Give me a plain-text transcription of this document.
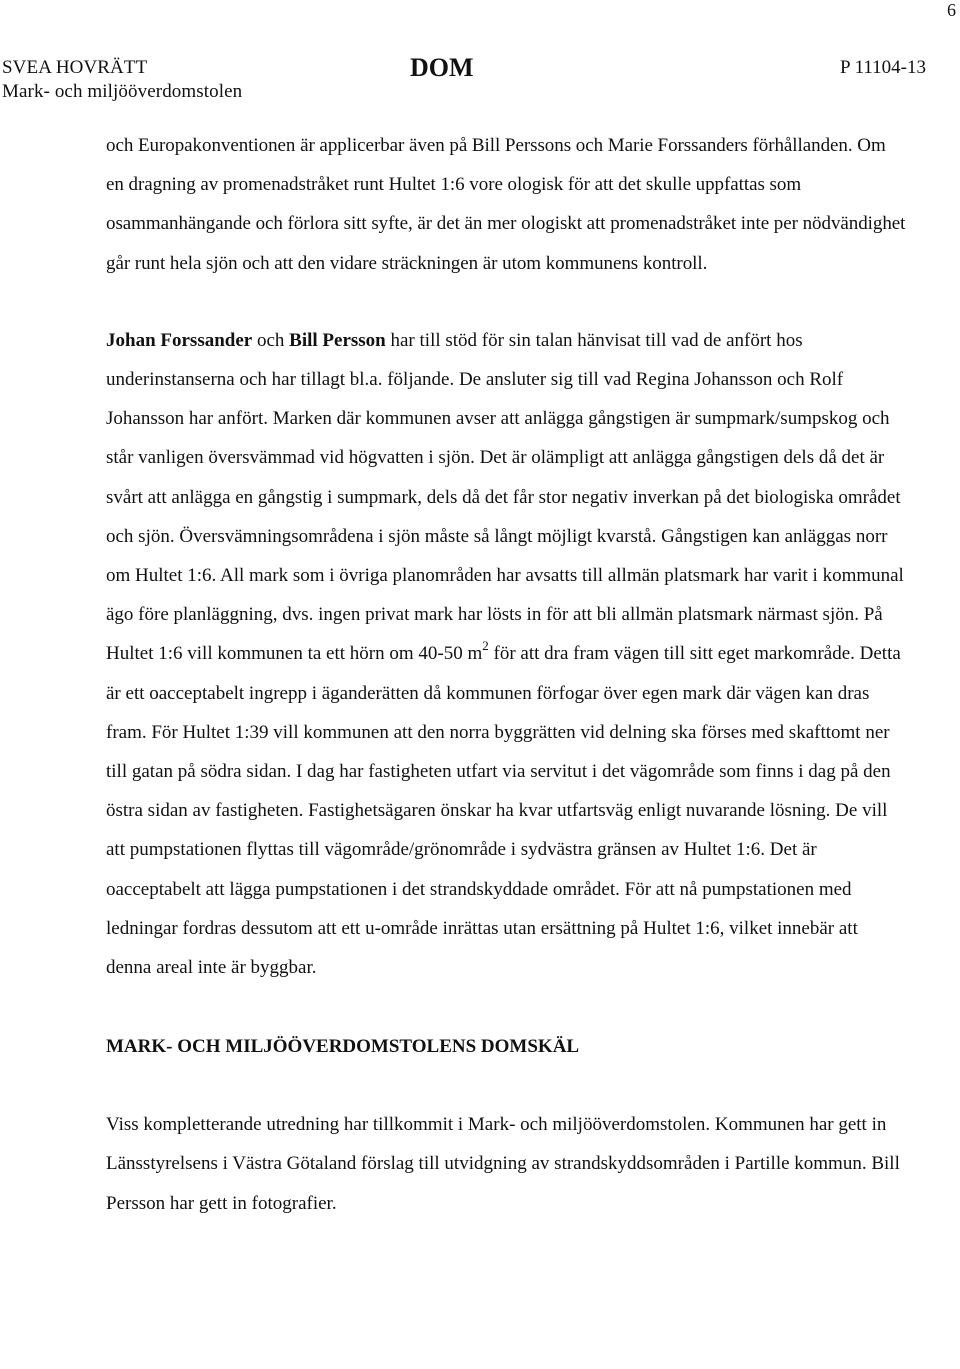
6
SVEA HOVRÄTT
Mark- och miljööverdomstolen
DOM	P 11104-13

och Europakonventionen är applicerbar även på Bill Perssons och Marie Forssanders förhållanden. Om en dragning av promenadstråket runt Hultet 1:6 vore ologisk för att det skulle uppfattas som osammanhängande och förlora sitt syfte, är det än mer ologiskt att promenadstråket inte per nödvändighet går runt hela sjön och att den vidare sträckningen är utom kommunens kontroll.

Johan Forssander och Bill Persson har till stöd för sin talan hänvisat till vad de anfört hos underinstanserna och har tillagt bl.a. följande. De ansluter sig till vad Regina Johansson och Rolf Johansson har anfört. Marken där kommunen avser att anlägga gångstigen är sumpmark/sumpskog och står vanligen översvämmad vid högvatten i sjön. Det är olämpligt att anlägga gångstigen dels då det är svårt att anlägga en gångstig i sumpmark, dels då det får stor negativ inverkan på det biologiska området och sjön. Översvämningsområdena i sjön måste så långt möjligt kvarstå. Gångstigen kan anläggas norr om Hultet 1:6. All mark som i övriga planområden har avsatts till allmän platsmark har varit i kommunal ägo före planläggning, dvs. ingen privat mark har lösts in för att bli allmän platsmark närmast sjön. På Hultet 1:6 vill kommunen ta ett hörn om 40-50 $m^2$ för att dra fram vägen till sitt eget markområde. Detta är ett oacceptabelt ingrepp i äganderätten då kommunen förfogar över egen mark där vägen kan dras fram. För Hultet 1:39 vill kommunen att den norra byggrätten vid delning ska förses med skafttomt ner till gatan på södra sidan. I dag har fastigheten utfart via servitut i det vägområde som finns i dag på den östra sidan av fastigheten. Fastighetsägaren önskar ha kvar utfartsväg enligt nuvarande lösning. De vill att pumpstationen flyttas till vägområde/grönområde i sydvästra gränsen av Hultet 1:6. Det är oacceptabelt att lägga pumpstationen i det strandskyddade området. För att nå pumpstationen med ledningar fordras dessutom att ett u-område inrättas utan ersättning på Hultet 1:6, vilket innebär att denna areal inte är byggbar.

MARK- OCH MILJÖÖVERDOMSTOLENS DOMSKÄL

Viss kompletterande utredning har tillkommit i Mark- och miljööverdomstolen. Kommunen har gett in Länsstyrelsens i Västra Götaland förslag till utvidgning av strandskyddsområden i Partille kommun. Bill Persson har gett in fotografier.
